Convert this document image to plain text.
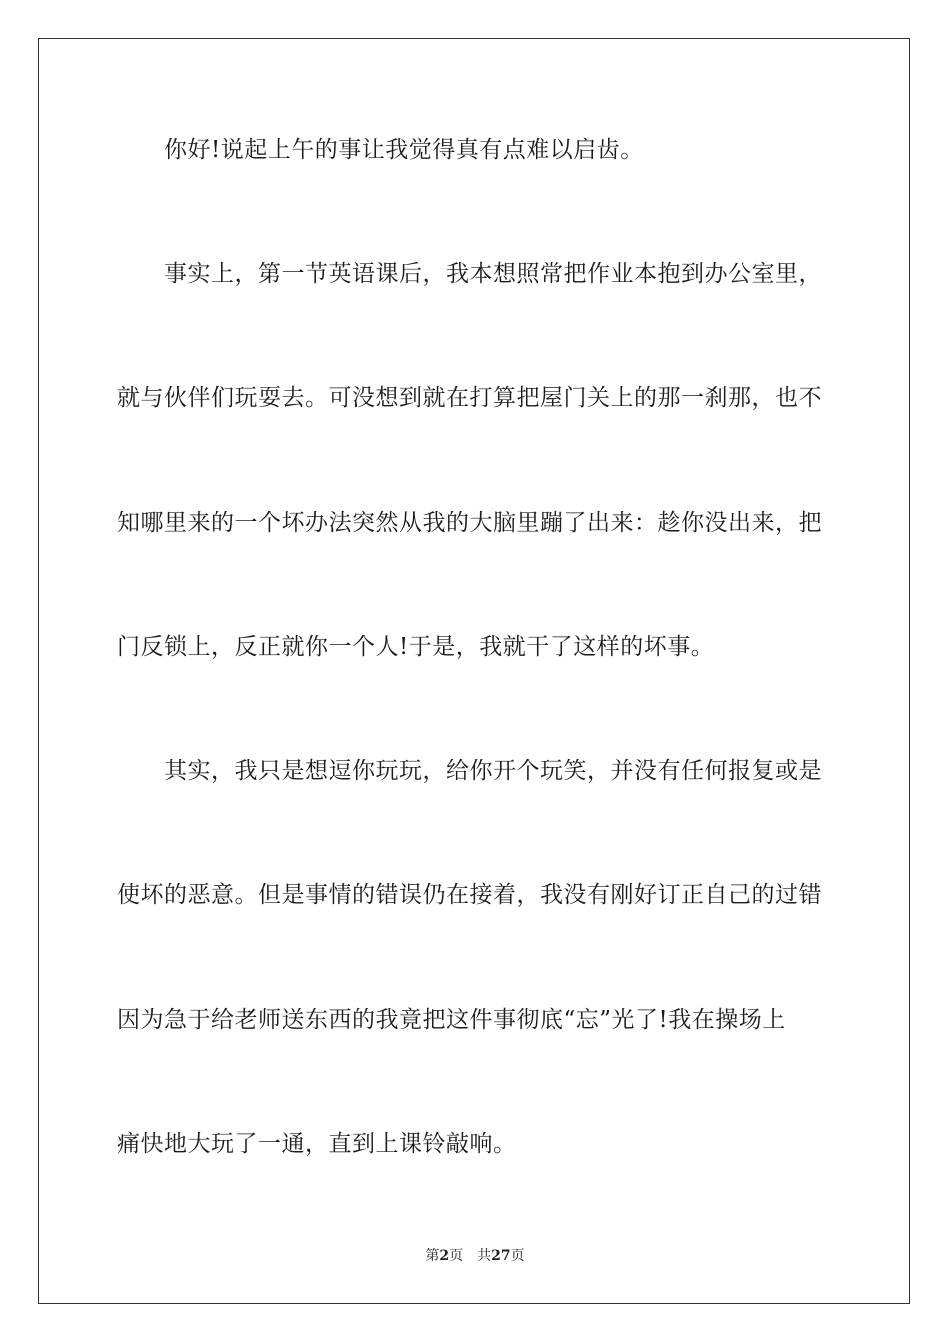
你好!说起上午的事让我觉得真有点难以启齿。
事实上，第一节英语课后，我本想照常把作业本抱到办公室里，
就与伙伴们玩耍去。可没想到就在打算把屋门关上的那一刹那，也不
知哪里来的一个坏办法突然从我的大脑里蹦了出来：趁你没出来，把
门反锁上，反正就你一个人!于是，我就干了这样的坏事。
其实，我只是想逗你玩玩，给你开个玩笑，并没有任何报复或是
使坏的恶意。但是事情的错误仍在接着，我没有刚好订正自己的过错
因为急于给老师送东西的我竟把这件事彻底“忘”光了!我在操场上
痛快地大玩了一通，直到上课铃敲响。
第2页 共27页
